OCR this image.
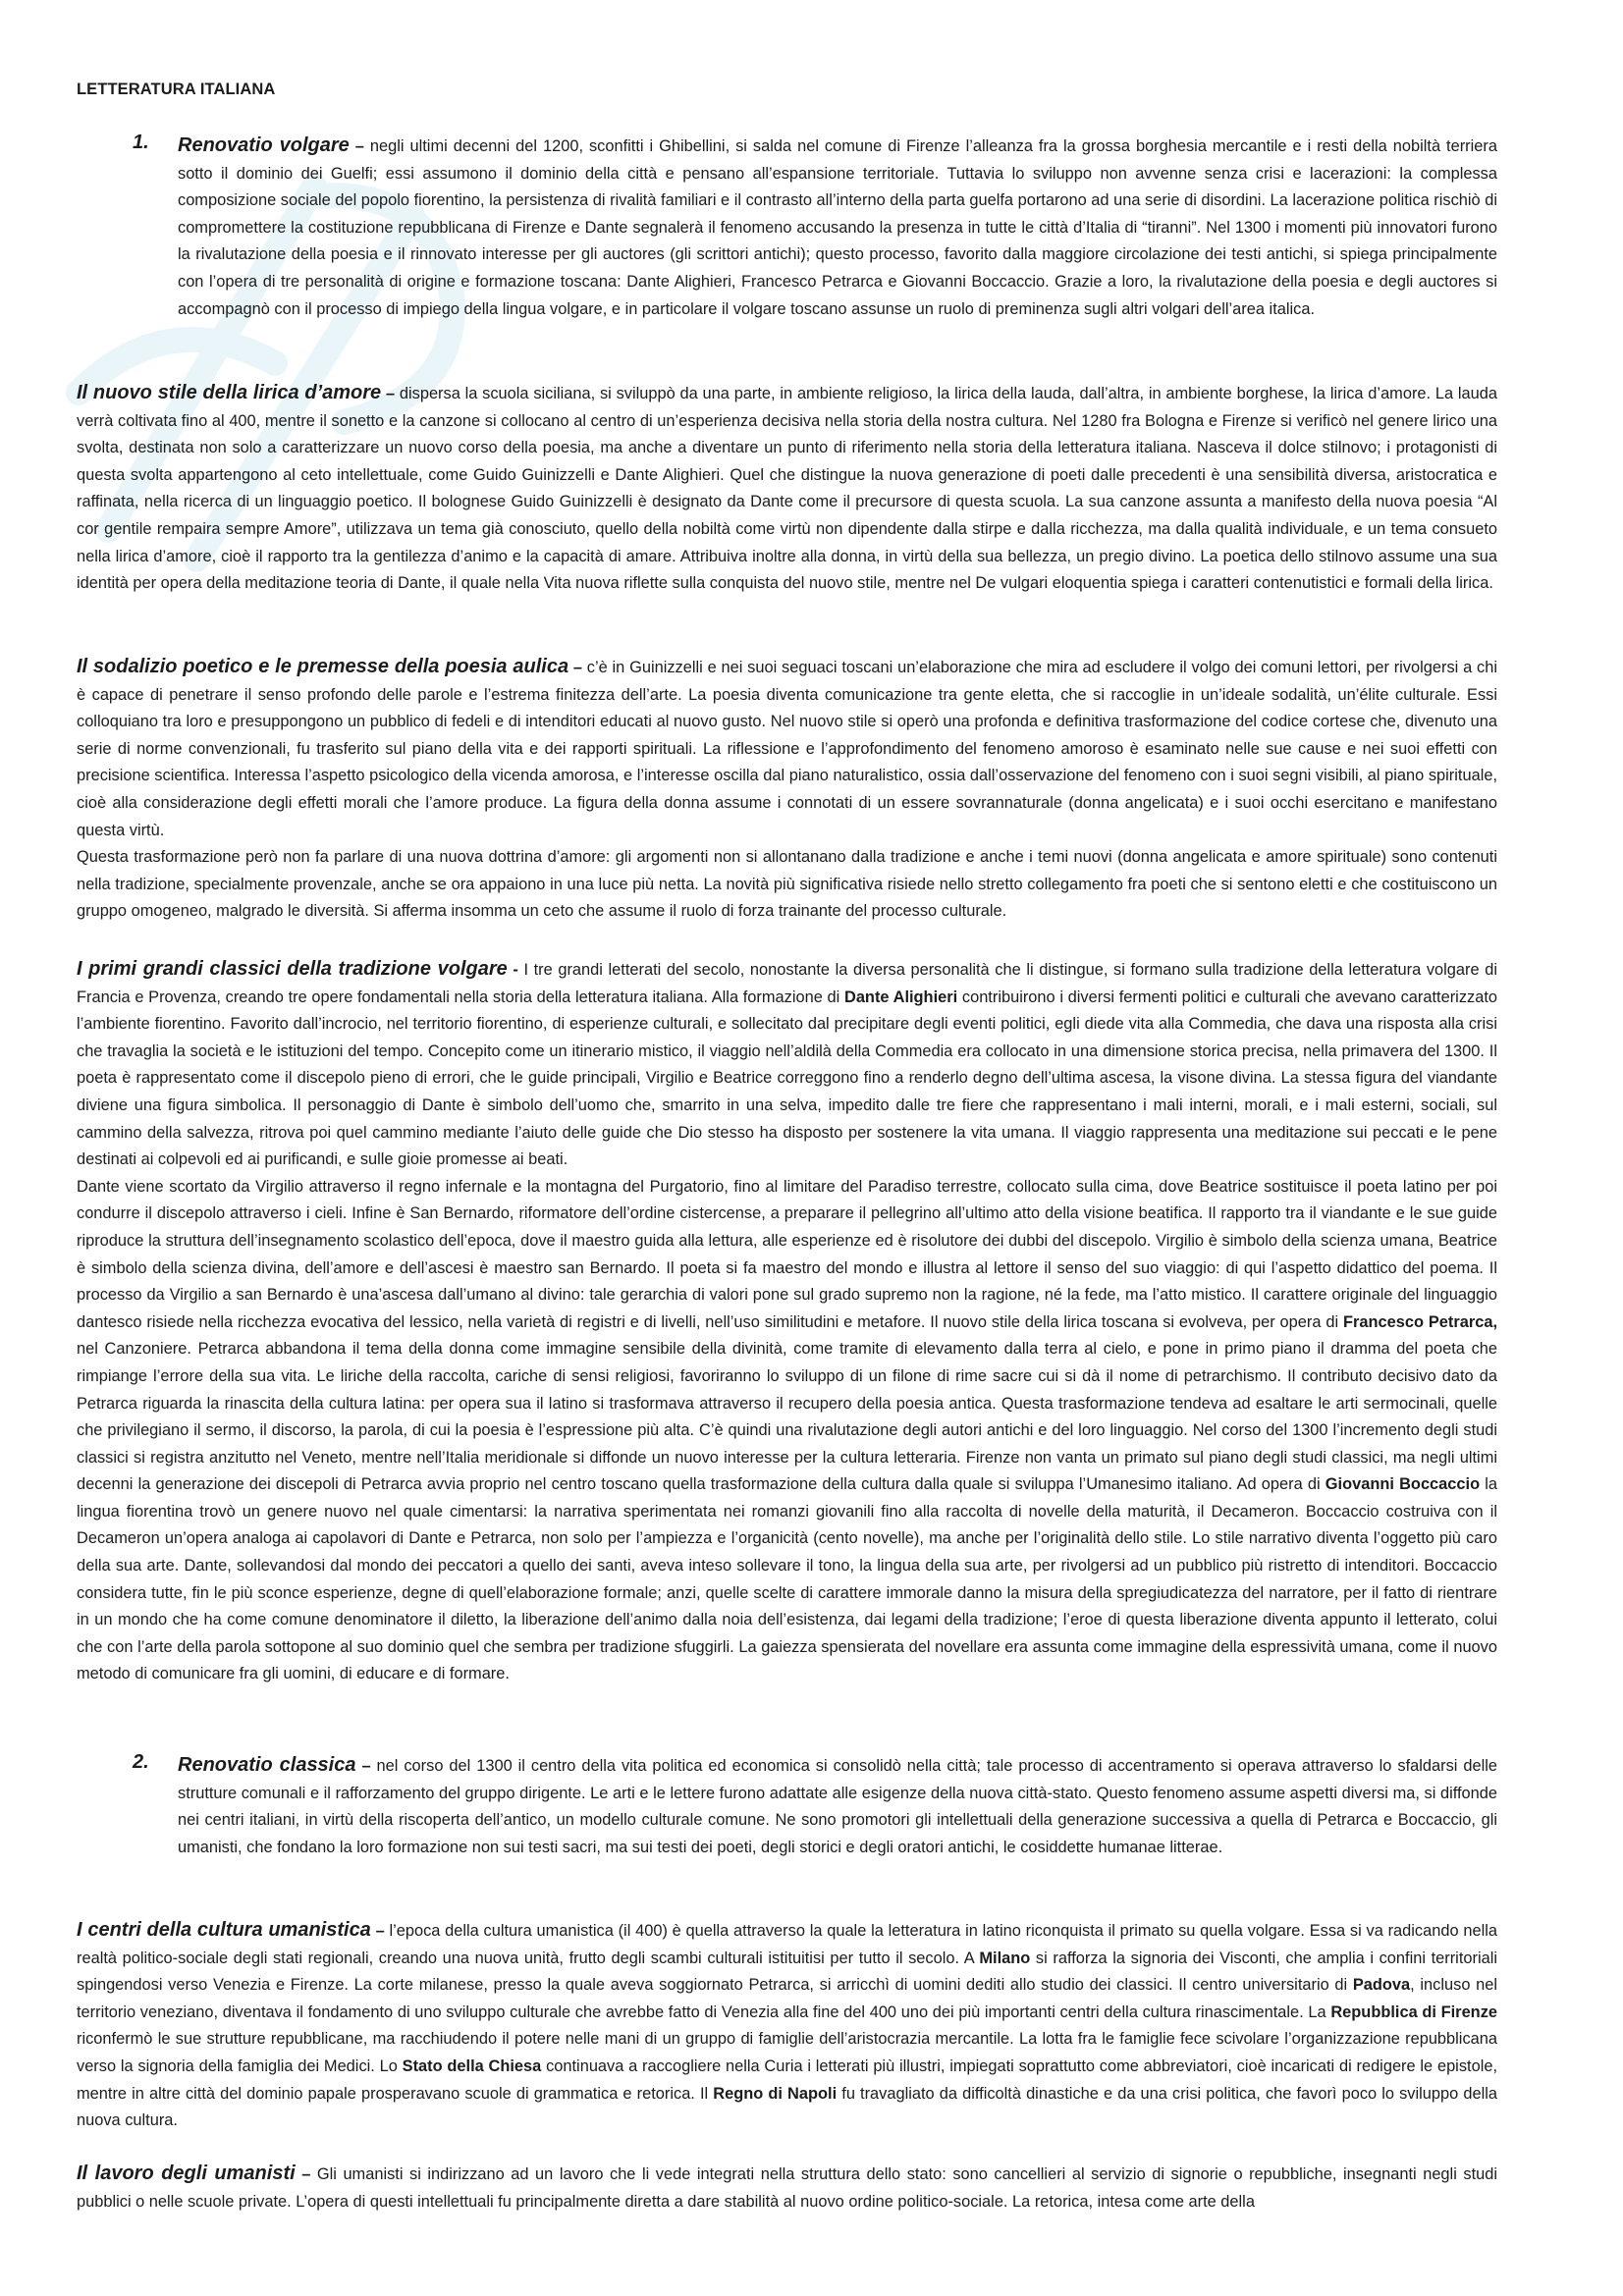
LETTERATURA ITALIANA
1. Renovatio volgare – negli ultimi decenni del 1200, sconfitti i Ghibellini, si salda nel comune di Firenze l’alleanza fra la grossa borghesia mercantile e i resti della nobiltà terriera sotto il dominio dei Guelfi; essi assumono il dominio della città e pensano all’espansione territoriale. Tuttavia lo sviluppo non avvenne senza crisi e lacerazioni: la complessa composizione sociale del popolo fiorentino, la persistenza di rivalità familiari e il contrasto all’interno della parta guelfa portarono ad una serie di disordini. La lacerazione politica rischiò di compromettere la costituzione repubblicana di Firenze e Dante segnalerà il fenomeno accusando la presenza in tutte le città d’Italia di “tiranni”. Nel 1300 i momenti più innovatori furono la rivalutazione della poesia e il rinnovato interesse per gli auctores (gli scrittori antichi); questo processo, favorito dalla maggiore circolazione dei testi antichi, si spiega principalmente con l’opera di tre personalità di origine e formazione toscana: Dante Alighieri, Francesco Petrarca e Giovanni Boccaccio. Grazie a loro, la rivalutazione della poesia e degli auctores si accompagnò con il processo di impiego della lingua volgare, e in particolare il volgare toscano assunse un ruolo di preminenza sugli altri volgari dell’area italica.

Il nuovo stile della lirica d’amore – dispersa la scuola siciliana, si sviluppò da una parte, in ambiente religioso, la lirica della lauda, dall’altra, in ambiente borghese, la lirica d’amore. La lauda verrà coltivata fino al 400, mentre il sonetto e la canzone si collocano al centro di un’esperienza decisiva nella storia della nostra cultura. Nel 1280 fra Bologna e Firenze si verificò nel genere lirico una svolta, destinata non solo a caratterizzare un nuovo corso della poesia, ma anche a diventare un punto di riferimento nella storia della letteratura italiana. Nasceva il dolce stilnovo; i protagonisti di questa svolta appartengono al ceto intellettuale, come Guido Guinizzelli e Dante Alighieri. Quel che distingue la nuova generazione di poeti dalle precedenti è una sensibilità diversa, aristocratica e raffinata, nella ricerca di un linguaggio poetico. Il bolognese Guido Guinizzelli è designato da Dante come il precursore di questa scuola. La sua canzone assunta a manifesto della nuova poesia “Al cor gentile rempaira sempre Amore”, utilizzava un tema già conosciuto, quello della nobiltà come virtù non dipendente dalla stirpe e dalla ricchezza, ma dalla qualità individuale, e un tema consueto nella lirica d’amore, cioè il rapporto tra la gentilezza d’animo e la capacità di amare. Attribuiva inoltre alla donna, in virtù della sua bellezza, un pregio divino. La poetica dello stilnovo assume una sua identità per opera della meditazione teoria di Dante, il quale nella Vita nuova riflette sulla conquista del nuovo stile, mentre nel De vulgari eloquentia spiega i caratteri contenutistici e formali della lirica.

Il sodalizio poetico e le premesse della poesia aulica – c’è in Guinizzelli e nei suoi seguaci toscani un’elaborazione che mira ad escludere il volgo dei comuni lettori, per rivolgersi a chi è capace di penetrare il senso profondo delle parole e l’estrema finitezza dell’arte. La poesia diventa comunicazione tra gente eletta, che si raccoglie in un’ideale sodalità, un’élite culturale. Essi colloquiano tra loro e presuppongono un pubblico di fedeli e di intenditori educati al nuovo gusto. Nel nuovo stile si operò una profonda e definitiva trasformazione del codice cortese che, divenuto una serie di norme convenzionali, fu trasferito sul piano della vita e dei rapporti spirituali. La riflessione e l’approfondimento del fenomeno amoroso è esaminato nelle sue cause e nei suoi effetti con precisione scientifica. Interessa l’aspetto psicologico della vicenda amorosa, e l’interesse oscilla dal piano naturalistico, ossia dall’osservazione del fenomeno con i suoi segni visibili, al piano spirituale, cioè alla considerazione degli effetti morali che l’amore produce. La figura della donna assume i connotati di un essere sovrannaturale (donna angelicata) e i suoi occhi esercitano e manifestano questa virtù.

Questa trasformazione però non fa parlare di una nuova dottrina d’amore: gli argomenti non si allontanano dalla tradizione e anche i temi nuovi (donna angelicata e amore spirituale) sono contenuti nella tradizione, specialmente provenzale, anche se ora appaiono in una luce più netta. La novità più significativa risiede nello stretto collegamento fra poeti che si sentono eletti e che costituiscono un gruppo omogeneo, malgrado le diversità. Si afferma insomma un ceto che assume il ruolo di forza trainante del processo culturale.

I primi grandi classici della tradizione volgare - I tre grandi letterati del secolo, nonostante la diversa personalità che li distingue, si formano sulla tradizione della letteratura volgare di Francia e Provenza, creando tre opere fondamentali nella storia della letteratura italiana. Alla formazione di Dante Alighieri contribuirono i diversi fermenti politici e culturali che avevano caratterizzato l’ambiente fiorentino. Favorito dall’incrocio, nel territorio fiorentino, di esperienze culturali, e sollecitato dal precipitare degli eventi politici, egli diede vita alla Commedia, che dava una risposta alla crisi che travaglia la società e le istituzioni del tempo. Concepito come un itinerario mistico, il viaggio nell’aldilà della Commedia era collocato in una dimensione storica precisa, nella primavera del 1300. Il poeta è rappresentato come il discepolo pieno di errori, che le guide principali, Virgilio e Beatrice correggono fino a renderlo degno dell’ultima ascesa, la visone divina. La stessa figura del viandante diviene una figura simbolica. Il personaggio di Dante è simbolo dell’uomo che, smarrito in una selva, impedito dalle tre fiere che rappresentano i mali interni, morali, e i mali esterni, sociali, sul cammino della salvezza, ritrova poi quel cammino mediante l’aiuto delle guide che Dio stesso ha disposto per sostenere la vita umana. Il viaggio rappresenta una meditazione sui peccati e le pene destinati ai colpevoli ed ai purificandi, e sulle gioie promesse ai beati.

Dante viene scortato da Virgilio attraverso il regno infernale e la montagna del Purgatorio, fino al limitare del Paradiso terrestre, collocato sulla cima, dove Beatrice sostituisce il poeta latino per poi condurre il discepolo attraverso i cieli. Infine è San Bernardo, riformatore dell’ordine cistercense, a preparare il pellegrino all’ultimo atto della visione beatifica. Il rapporto tra il viandante e le sue guide riproduce la struttura dell’insegnamento scolastico dell’epoca, dove il maestro guida alla lettura, alle esperienze ed è risolutore dei dubbi del discepolo. Virgilio è simbolo della scienza umana, Beatrice è simbolo della scienza divina, dell’amore e dell’ascesi è maestro san Bernardo. Il poeta si fa maestro del mondo e illustra al lettore il senso del suo viaggio: di qui l’aspetto didattico del poema. Il processo da Virgilio a san Bernardo è una’ascesa dall’umano al divino: tale gerarchia di valori pone sul grado supremo non la ragione, né la fede, ma l’atto mistico. Il carattere originale del linguaggio dantesco risiede nella ricchezza evocativa del lessico, nella varietà di registri e di livelli, nell’uso similitudini e metafore. Il nuovo stile della lirica toscana si evolveva, per opera di Francesco Petrarca, nel Canzoniere. Petrarca abbandona il tema della donna come immagine sensibile della divinità, come tramite di elevamento dalla terra al cielo, e pone in primo piano il dramma del poeta che rimpiange l’errore della sua vita. Le liriche della raccolta, cariche di sensi religiosi, favoriranno lo sviluppo di un filone di rime sacre cui si dà il nome di petrarchismo. Il contributo decisivo dato da Petrarca riguarda la rinascita della cultura latina: per opera sua il latino si trasformava attraverso il recupero della poesia antica. Questa trasformazione tendeva ad esaltare le arti sermocinali, quelle che privilegiano il sermo, il discorso, la parola, di cui la poesia è l’espressione più alta. C’è quindi una rivalutazione degli autori antichi e del loro linguaggio. Nel corso del 1300 l’incremento degli studi classici si registra anzitutto nel Veneto, mentre nell’Italia meridionale si diffonde un nuovo interesse per la cultura letteraria. Firenze non vanta un primato sul piano degli studi classici, ma negli ultimi decenni la generazione dei discepoli di Petrarca avvia proprio nel centro toscano quella trasformazione della cultura dalla quale si sviluppa l’Umanesimo italiano. Ad opera di Giovanni Boccaccio la lingua fiorentina trovò un genere nuovo nel quale cimentarsi: la narrativa sperimentata nei romanzi giovanili fino alla raccolta di novelle della maturità, il Decameron. Boccaccio costruiva con il Decameron un’opera analoga ai capolavori di Dante e Petrarca, non solo per l’ampiezza e l’organicità (cento novelle), ma anche per l’originalità dello stile. Lo stile narrativo diventa l’oggetto più caro della sua arte. Dante, sollevandosi dal mondo dei peccatori a quello dei santi, aveva inteso sollevare il tono, la lingua della sua arte, per rivolgersi ad un pubblico più ristretto di intenditori. Boccaccio considera tutte, fin le più sconce esperienze, degne di quell’elaborazione formale; anzi, quelle scelte di carattere immorale danno la misura della spregiudicatezza del narratore, per il fatto di rientrare in un mondo che ha come comune denominatore il diletto, la liberazione dell’animo dalla noia dell’esistenza, dai legami della tradizione; l’eroe di questa liberazione diventa appunto il letterato, colui che con l’arte della parola sottopone al suo dominio quel che sembra per tradizione sfuggirli. La gaiezza spensierata del novellare era assunta come immagine della espressività umana, come il nuovo metodo di comunicare fra gli uomini, di educare e di formare.

2. Renovatio classica – nel corso del 1300 il centro della vita politica ed economica si consolidò nella città; tale processo di accentramento si operava attraverso lo sfaldarsi delle strutture comunali e il rafforzamento del gruppo dirigente. Le arti e le lettere furono adattate alle esigenze della nuova città-stato. Questo fenomeno assume aspetti diversi ma, si diffonde nei centri italiani, in virtù della riscoperta dell’antico, un modello culturale comune. Ne sono promotori gli intellettuali della generazione successiva a quella di Petrarca e Boccaccio, gli umanisti, che fondano la loro formazione non sui testi sacri, ma sui testi dei poeti, degli storici e degli oratori antichi, le cosiddette humanae litterae.

I centri della cultura umanistica – l’epoca della cultura umanistica (il 400) è quella attraverso la quale la letteratura in latino riconquista il primato su quella volgare. Essa si va radicando nella realtà politico-sociale degli stati regionali, creando una nuova unità, frutto degli scambi culturali istituitisi per tutto il secolo. A Milano si rafforza la signoria dei Visconti, che amplia i confini territoriali spingendosi verso Venezia e Firenze. La corte milanese, presso la quale aveva soggiornato Petrarca, si arricchì di uomini dediti allo studio dei classici. Il centro universitario di Padova, incluso nel territorio veneziano, diventava il fondamento di uno sviluppo culturale che avrebbe fatto di Venezia alla fine del 400 uno dei più importanti centri della cultura rinascimentale. La Repubblica di Firenze riconfermò le sue strutture repubblicane, ma racchiudendo il potere nelle mani di un gruppo di famiglie dell’aristocrazia mercantile. La lotta fra le famiglie fece scivolare l’organizzazione repubblicana verso la signoria della famiglia dei Medici. Lo Stato della Chiesa continuava a raccogliere nella Curia i letterati più illustri, impiegati soprattutto come abbreviatori, cioè incaricati di redigere le epistole, mentre in altre città del dominio papale prosperavano scuole di grammatica e retorica. Il Regno di Napoli fu travagliato da difficoltà dinastiche e da una crisi politica, che favorì poco lo sviluppo della nuova cultura.

Il lavoro degli umanisti – Gli umanisti si indirizzano ad un lavoro che li vede integrati nella struttura dello stato: sono cancellieri al servizio di signorie o repubbliche, insegnanti negli studi pubblici o nelle scuole private. L’opera di questi intellettuali fu principalmente diretta a dare stabilità al nuovo ordine politico-sociale. La retorica, intesa come arte della
